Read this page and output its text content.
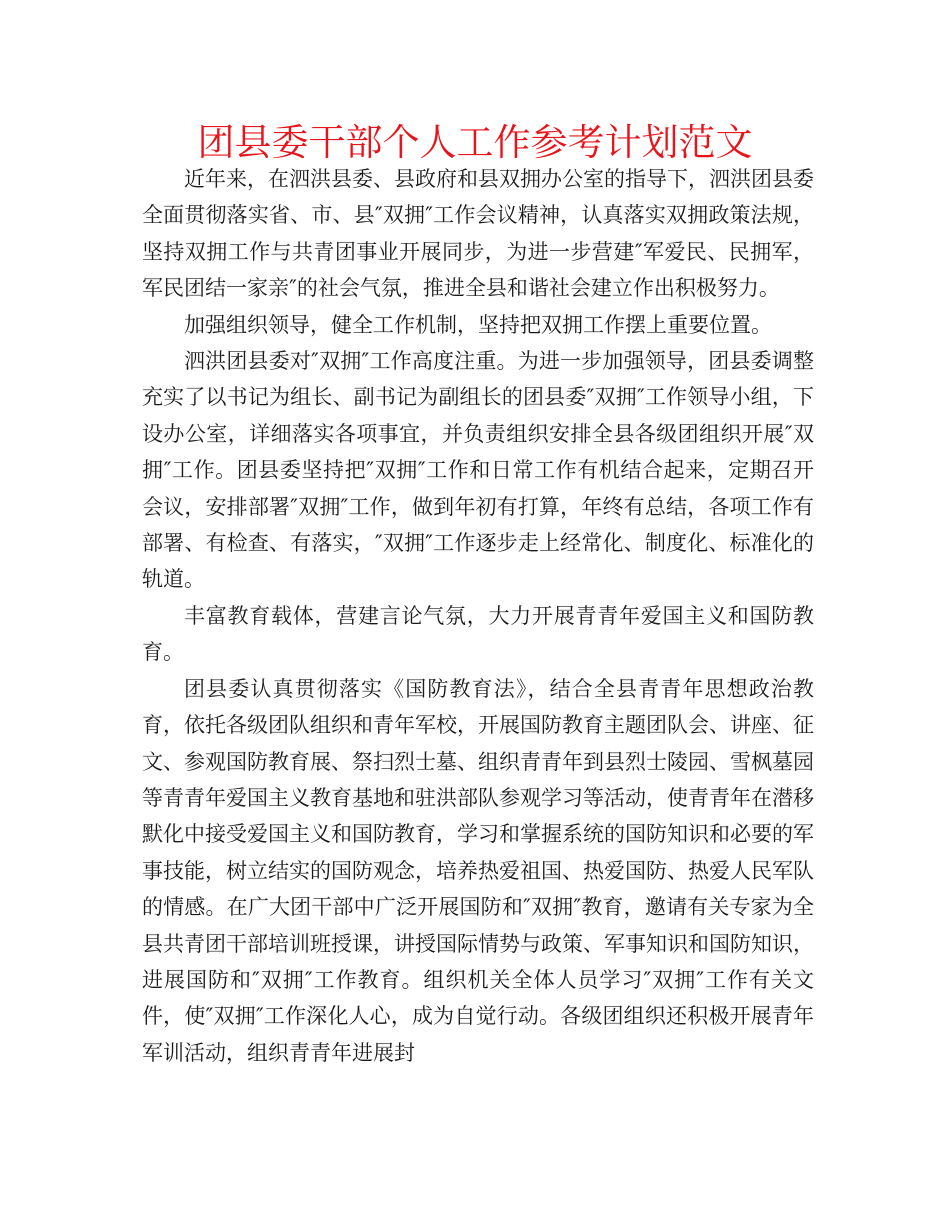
团县委干部个人工作参考计划范文

近年来，在泗洪县委、县政府和县双拥办公室的指导下，泗洪团县委全面贯彻落实省、市、县″双拥″工作会议精神，认真落实双拥政策法规，坚持双拥工作与共青团事业开展同步，为进一步营建″军爱民、民拥军，军民团结一家亲″的社会气氛，推进全县和谐社会建立作出积极努力。

加强组织领导，健全工作机制，坚持把双拥工作摆上重要位置。

泗洪团县委对″双拥″工作高度注重。为进一步加强领导，团县委调整充实了以书记为组长、副书记为副组长的团县委″双拥″工作领导小组，下设办公室，详细落实各项事宜，并负责组织安排全县各级团组织开展″双拥″工作。团县委坚持把″双拥″工作和日常工作有机结合起来，定期召开会议，安排部署″双拥″工作，做到年初有打算，年终有总结，各项工作有部署、有检查、有落实，″双拥″工作逐步走上经常化、制度化、标准化的轨道。

丰富教育载体，营建言论气氛，大力开展青青年爱国主义和国防教育。

团县委认真贯彻落实《国防教育法》，结合全县青青年思想政治教育，依托各级团队组织和青年军校，开展国防教育主题团队会、讲座、征文、参观国防教育展、祭扫烈士墓、组织青青年到县烈士陵园、雪枫墓园等青青年爱国主义教育基地和驻洪部队参观学习等活动，使青青年在潜移默化中接受爱国主义和国防教育，学习和掌握系统的国防知识和必要的军事技能，树立结实的国防观念，培养热爱祖国、热爱国防、热爱人民军队的情感。在广大团干部中广泛开展国防和″双拥″教育，邀请有关专家为全县共青团干部培训班授课，讲授国际情势与政策、军事知识和国防知识，进展国防和″双拥″工作教育。组织机关全体人员学习″双拥″工作有关文件，使″双拥″工作深化人心，成为自觉行动。各级团组织还积极开展青年军训活动，组织青青年进展封
